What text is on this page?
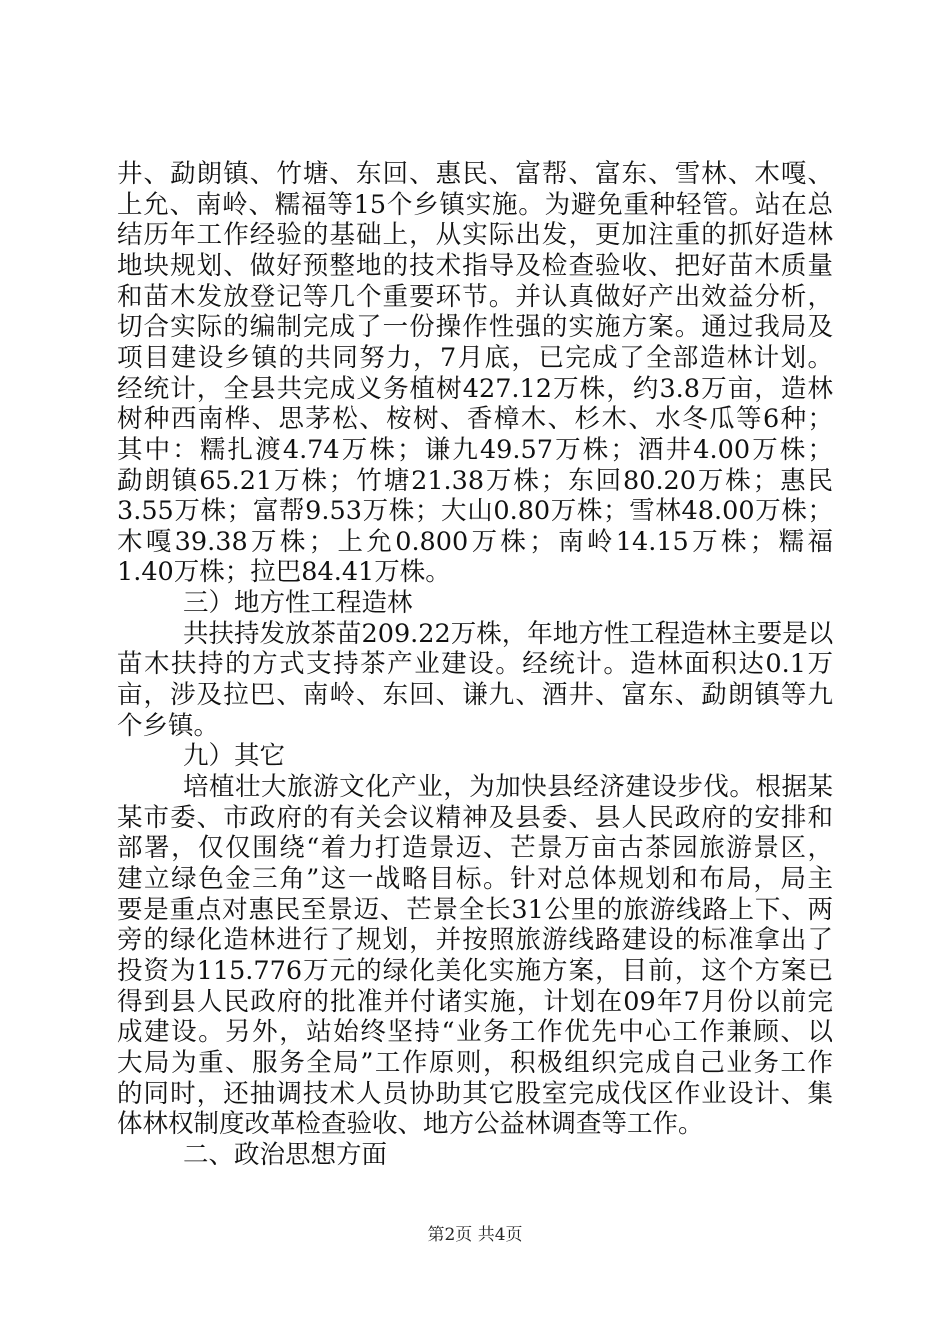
井、勐朗镇、竹塘、东回、惠民、富帮、富东、雪林、木嘎、
上允、南岭、糯福等15个乡镇实施。为避免重种轻管。站在总
结历年工作经验的基础上，从实际出发，更加注重的抓好造林
地块规划、做好预整地的技术指导及检查验收、把好苗木质量
和苗木发放登记等几个重要环节。并认真做好产出效益分析，
切合实际的编制完成了一份操作性强的实施方案。通过我局及
项目建设乡镇的共同努力，7月底，已完成了全部造林计划。
经统计，全县共完成义务植树427.12万株，约3.8万亩，造林
树种西南桦、思茅松、桉树、香樟木、杉木、水冬瓜等6种；
其中：糯扎渡4.74万株；谦九49.57万株；酒井4.00万株；
勐朗镇65.21万株；竹塘21.38万株；东回80.20万株；惠民
3.55万株；富帮9.53万株；大山0.80万株；雪林48.00万株；
木嘎39.38万株；上允0.800万株；南岭14.15万株；糯福
1.40万株；拉巴84.41万株。
三）地方性工程造林
共扶持发放茶苗209.22万株，年地方性工程造林主要是以
苗木扶持的方式支持茶产业建设。经统计。造林面积达0.1万
亩，涉及拉巴、南岭、东回、谦九、酒井、富东、勐朗镇等九
个乡镇。
九）其它
培植壮大旅游文化产业，为加快县经济建设步伐。根据某
某市委、市政府的有关会议精神及县委、县人民政府的安排和
部署，仅仅围绕“着力打造景迈、芒景万亩古茶园旅游景区，
建立绿色金三角”这一战略目标。针对总体规划和布局，局主
要是重点对惠民至景迈、芒景全长31公里的旅游线路上下、两
旁的绿化造林进行了规划，并按照旅游线路建设的标准拿出了
投资为115.776万元的绿化美化实施方案，目前，这个方案已
得到县人民政府的批准并付诸实施，计划在09年7月份以前完
成建设。另外，站始终坚持“业务工作优先中心工作兼顾、以
大局为重、服务全局”工作原则，积极组织完成自己业务工作
的同时，还抽调技术人员协助其它股室完成伐区作业设计、集
体林权制度改革检查验收、地方公益林调查等工作。
二、政治思想方面
第2页 共4页
